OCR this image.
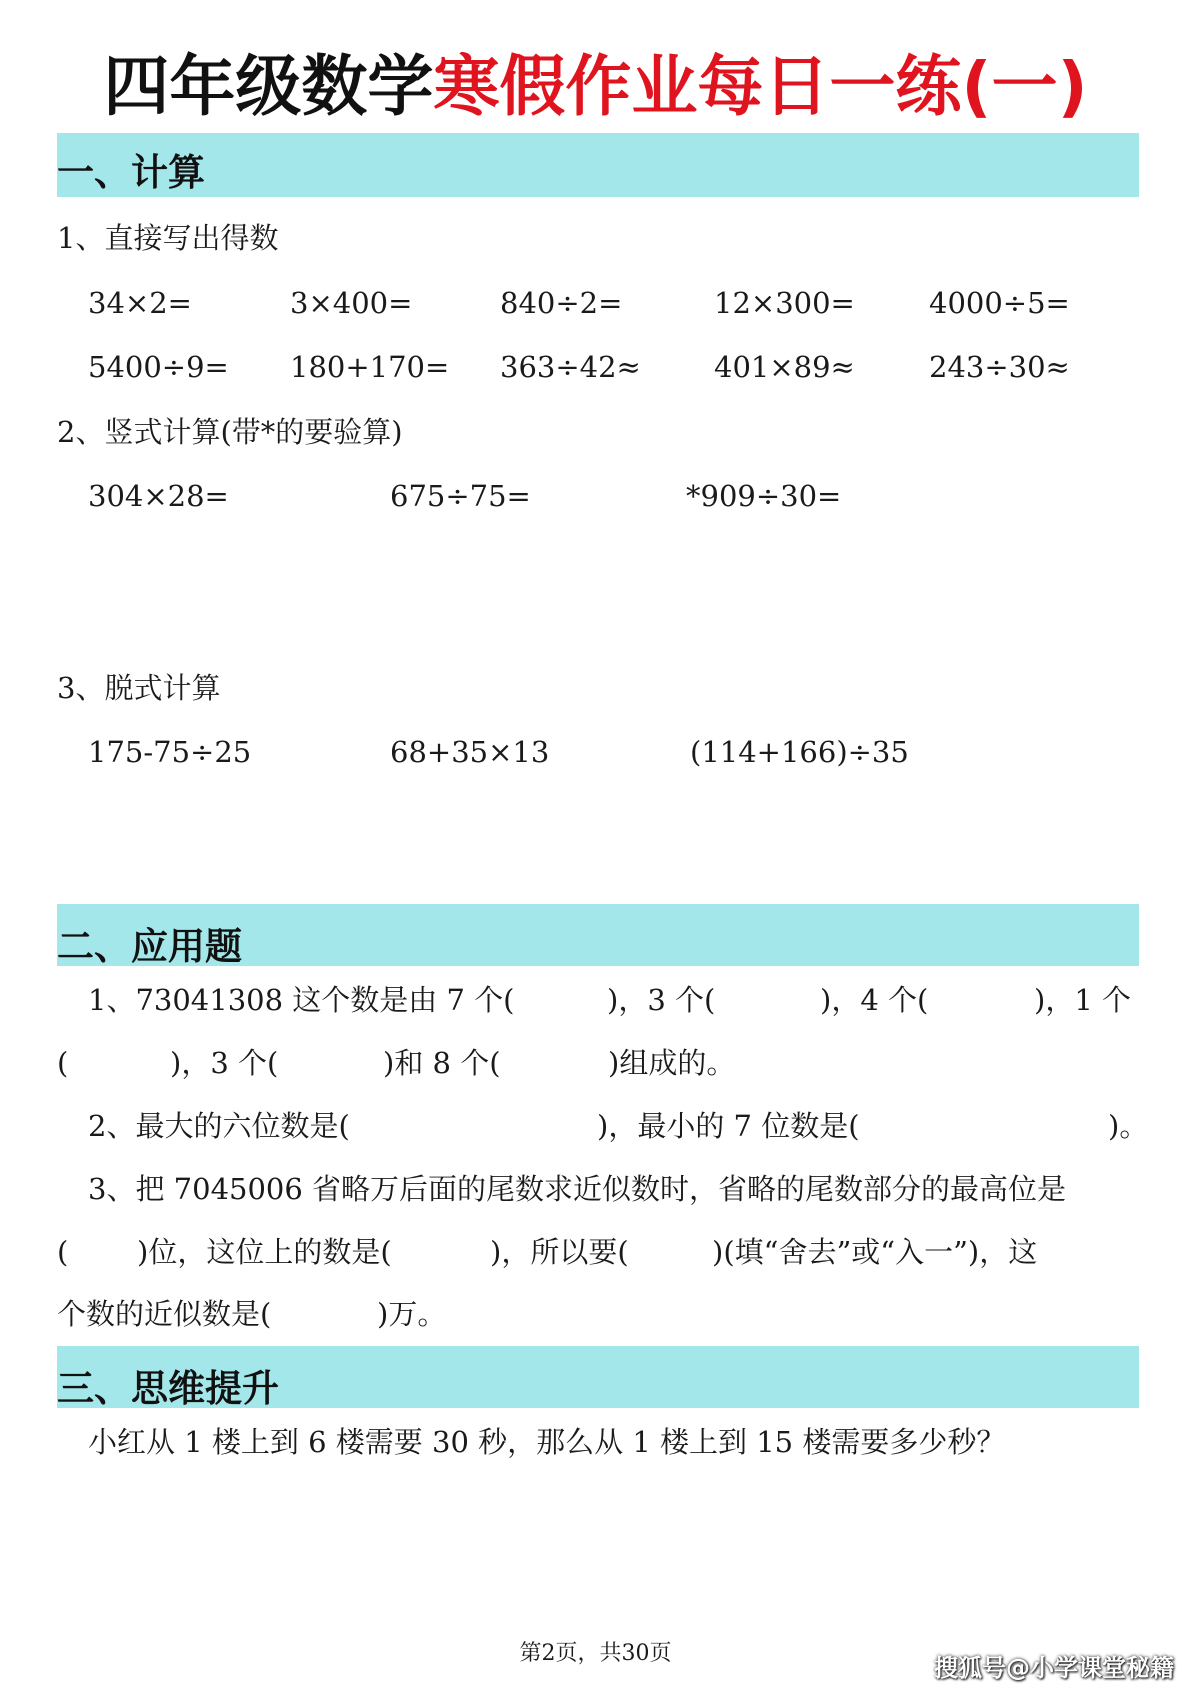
四年级数学寒假作业每日一练(一)
一、计算
1、直接写出得数
34×2=	3×400=	840÷2=	12×300=	4000÷5=
5400÷9= 180+170= 363÷42≈	401×89≈	243÷30≈
2、竖式计算(带*的要验算)
304×28=	675÷75=	*909÷30=
3、脱式计算
175-75÷25	68+35×13	(114+166)÷35
二、应用题
1、73041308 这个数是由 7 个(	)，3 个(	)，4 个(	)，1 个
(	)，3 个(	)和 8 个(	)组成的。
2、最大的六位数是(	)，最小的 7 位数是(	)。
3、把 7045006 省略万后面的尾数求近似数时，省略的尾数部分的最高位是
( )位，这位上的数是(	)，所以要(	)(填“舍去”或“入一”)，这
个数的近似数是(	)万。
三、思维提升
小红从 1 楼上到 6 楼需要 30 秒，那么从 1 楼上到 15 楼需要多少秒？
第2页，共30页
搜狐号@小学课堂秘籍
